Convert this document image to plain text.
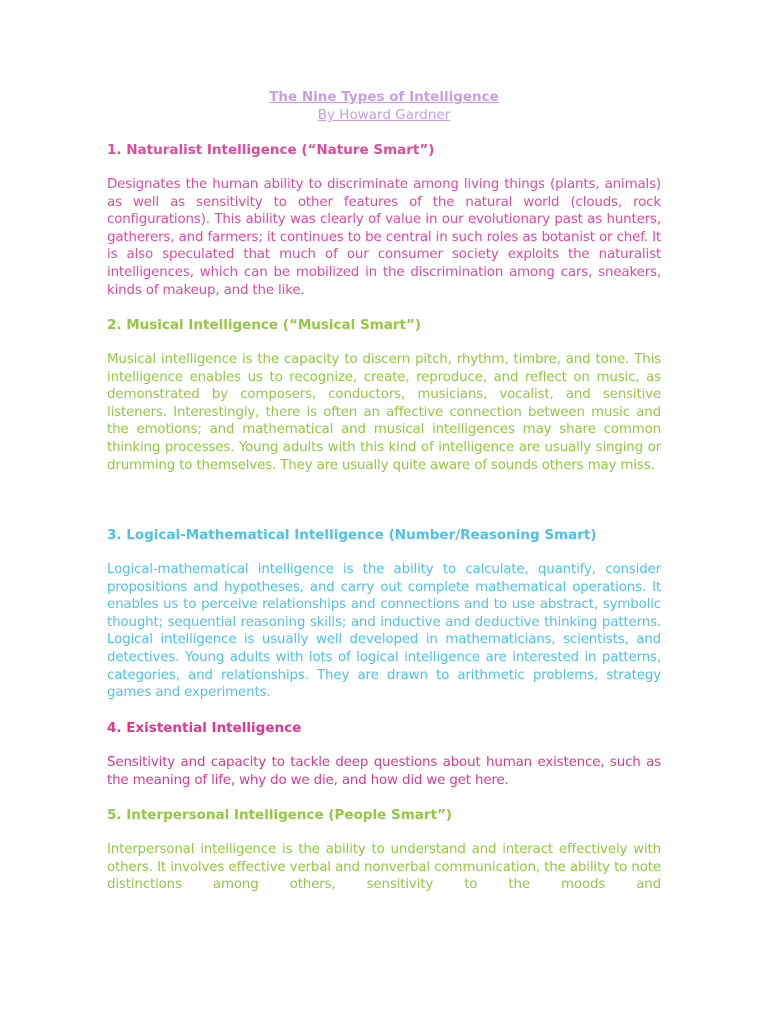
The Nine Types of Intelligence
By Howard Gardner
1. Naturalist Intelligence (“Nature Smart”)
Designates the human ability to discriminate among living things (plants, animals) as well as sensitivity to other features of the natural world (clouds, rock configurations). This ability was clearly of value in our evolutionary past as hunters, gatherers, and farmers; it continues to be central in such roles as botanist or chef. It is also speculated that much of our consumer society exploits the naturalist intelligences, which can be mobilized in the discrimination among cars, sneakers, kinds of makeup, and the like.
2. Musical Intelligence (“Musical Smart”)
Musical intelligence is the capacity to discern pitch, rhythm, timbre, and tone. This intelligence enables us to recognize, create, reproduce, and reflect on music, as demonstrated by composers, conductors, musicians, vocalist, and sensitive listeners. Interestingly, there is often an affective connection between music and the emotions; and mathematical and musical intelligences may share common thinking processes. Young adults with this kind of intelligence are usually singing or drumming to themselves. They are usually quite aware of sounds others may miss.
3. Logical-Mathematical Intelligence (Number/Reasoning Smart)
Logical-mathematical intelligence is the ability to calculate, quantify, consider propositions and hypotheses, and carry out complete mathematical operations. It enables us to perceive relationships and connections and to use abstract, symbolic thought; sequential reasoning skills; and inductive and deductive thinking patterns. Logical intelligence is usually well developed in mathematicians, scientists, and detectives. Young adults with lots of logical intelligence are interested in patterns, categories, and relationships. They are drawn to arithmetic problems, strategy games and experiments.
4. Existential Intelligence
Sensitivity and capacity to tackle deep questions about human existence, such as the meaning of life, why do we die, and how did we get here.
5. Interpersonal Intelligence (People Smart”)
Interpersonal intelligence is the ability to understand and interact effectively with others. It involves effective verbal and nonverbal communication, the ability to note distinctions among others, sensitivity to the moods and
